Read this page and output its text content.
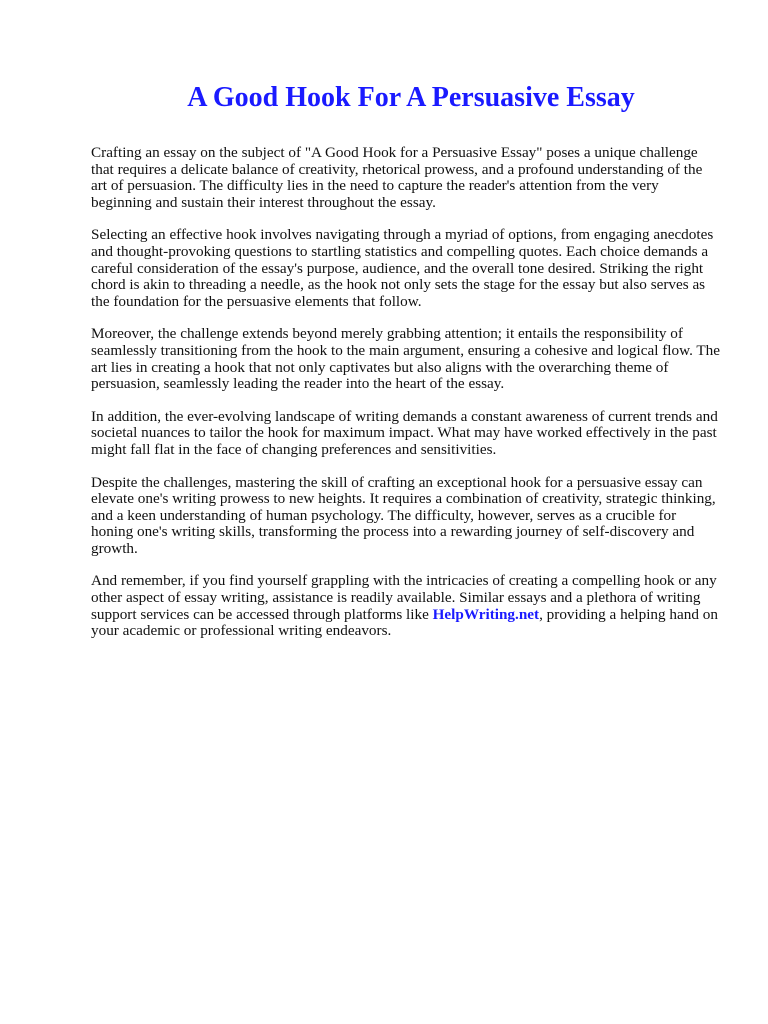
A Good Hook For A Persuasive Essay

Crafting an essay on the subject of "A Good Hook for a Persuasive Essay" poses a unique challenge that requires a delicate balance of creativity, rhetorical prowess, and a profound understanding of the art of persuasion. The difficulty lies in the need to capture the reader's attention from the very beginning and sustain their interest throughout the essay.

Selecting an effective hook involves navigating through a myriad of options, from engaging anecdotes and thought-provoking questions to startling statistics and compelling quotes. Each choice demands a careful consideration of the essay's purpose, audience, and the overall tone desired. Striking the right chord is akin to threading a needle, as the hook not only sets the stage for the essay but also serves as the foundation for the persuasive elements that follow.

Moreover, the challenge extends beyond merely grabbing attention; it entails the responsibility of seamlessly transitioning from the hook to the main argument, ensuring a cohesive and logical flow. The art lies in creating a hook that not only captivates but also aligns with the overarching theme of persuasion, seamlessly leading the reader into the heart of the essay.

In addition, the ever-evolving landscape of writing demands a constant awareness of current trends and societal nuances to tailor the hook for maximum impact. What may have worked effectively in the past might fall flat in the face of changing preferences and sensitivities.

Despite the challenges, mastering the skill of crafting an exceptional hook for a persuasive essay can elevate one's writing prowess to new heights. It requires a combination of creativity, strategic thinking, and a keen understanding of human psychology. The difficulty, however, serves as a crucible for honing one's writing skills, transforming the process into a rewarding journey of self-discovery and growth.

And remember, if you find yourself grappling with the intricacies of creating a compelling hook or any other aspect of essay writing, assistance is readily available. Similar essays and a plethora of writing support services can be accessed through platforms like HelpWriting.net, providing a helping hand on your academic or professional writing endeavors.
